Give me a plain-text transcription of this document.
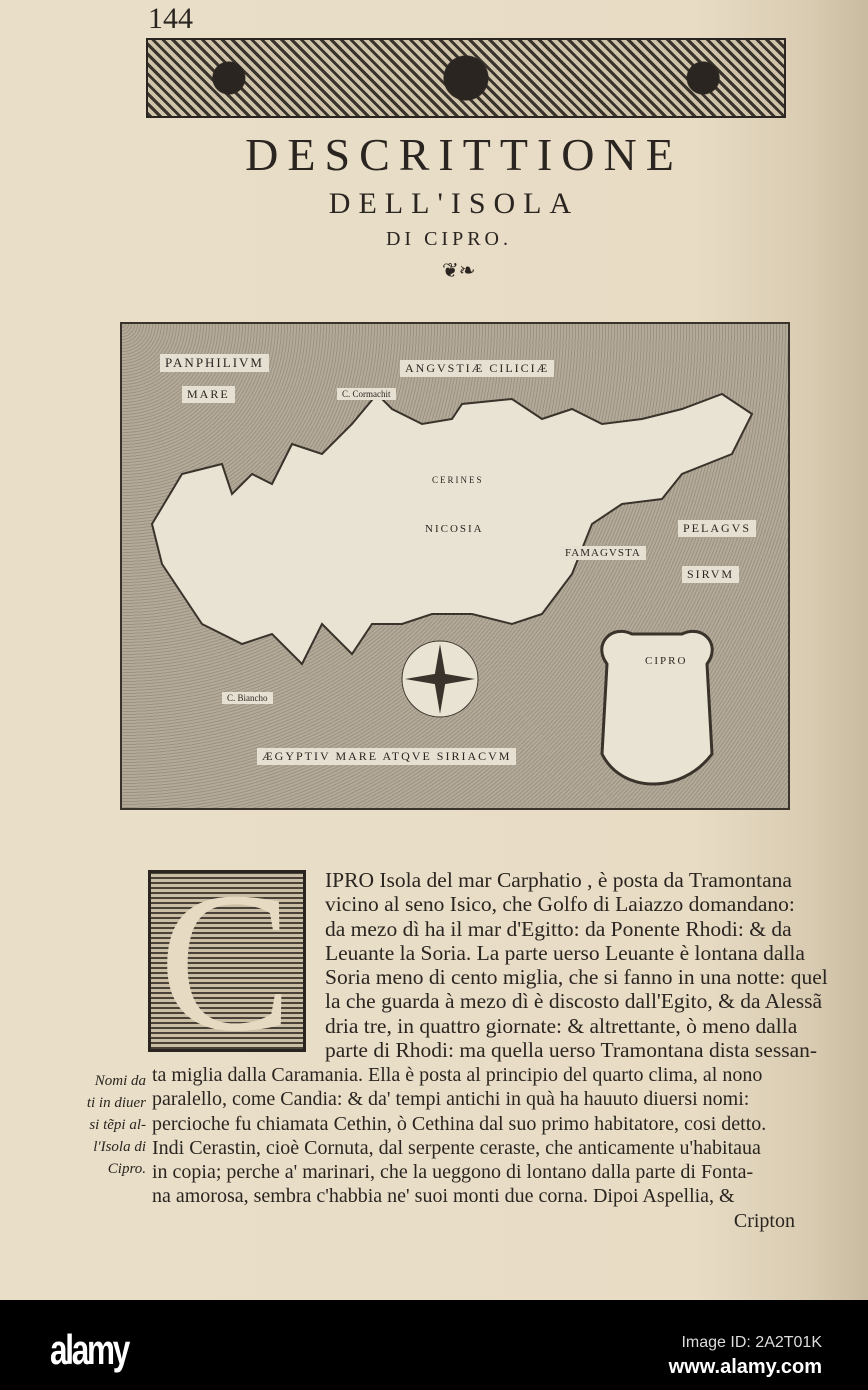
144
DESCRITTIONE
DELL'ISOLA
DI CIPRO.
❦❧
PANPHILIVM
MARE
ANGVSTIÆ CILICIÆ
PELAGVS
SIRVM
ÆGYPTIV MARE ATQVE SIRIACVM
NICOSIA
FAMAGVSTA
CIPRO
C. Cormachit
C. Biancho
CERINES
C IPRO Isola del mar Carphatio , è posta da Tramontana
vicino al seno Isico, che Golfo di Laiazzo domandano:
da mezo dì ha il mar d'Egitto: da Ponente Rhodi: & da
Leuante la Soria. La parte uerso Leuante è lontana dalla
Soria meno di cento miglia, che si fanno in una notte: quel
la che guarda à mezo dì è discosto dall'Egito, & da Alessã
dria tre, in quattro giornate: & altrettante, ò meno dalla
parte di Rhodi: ma quella uerso Tramontana dista sessan-
ta miglia dalla Caramania. Ella è posta al principio del quarto clima, al nono
paralello, come Candia: & da' tempi antichi in quà ha hauuto diuersi nomi:
percioche fu chiamata Cethin, ò Cethina dal suo primo habitatore, cosi detto.
Indi Cerastin, cioè Cornuta, dal serpente ceraste, che anticamente u'habitaua
in copia; perche a' marinari, che la ueggono di lontano dalla parte di Fonta-
na amorosa, sembra c'habbia ne' suoi monti due corna. Dipoi Aspellia, &
Cripton
Nomi da
ti in diuer
si tẽpi al-
l'Isola di
Cipro.
alamy	Image ID: 2A2T01K
www.alamy.com
